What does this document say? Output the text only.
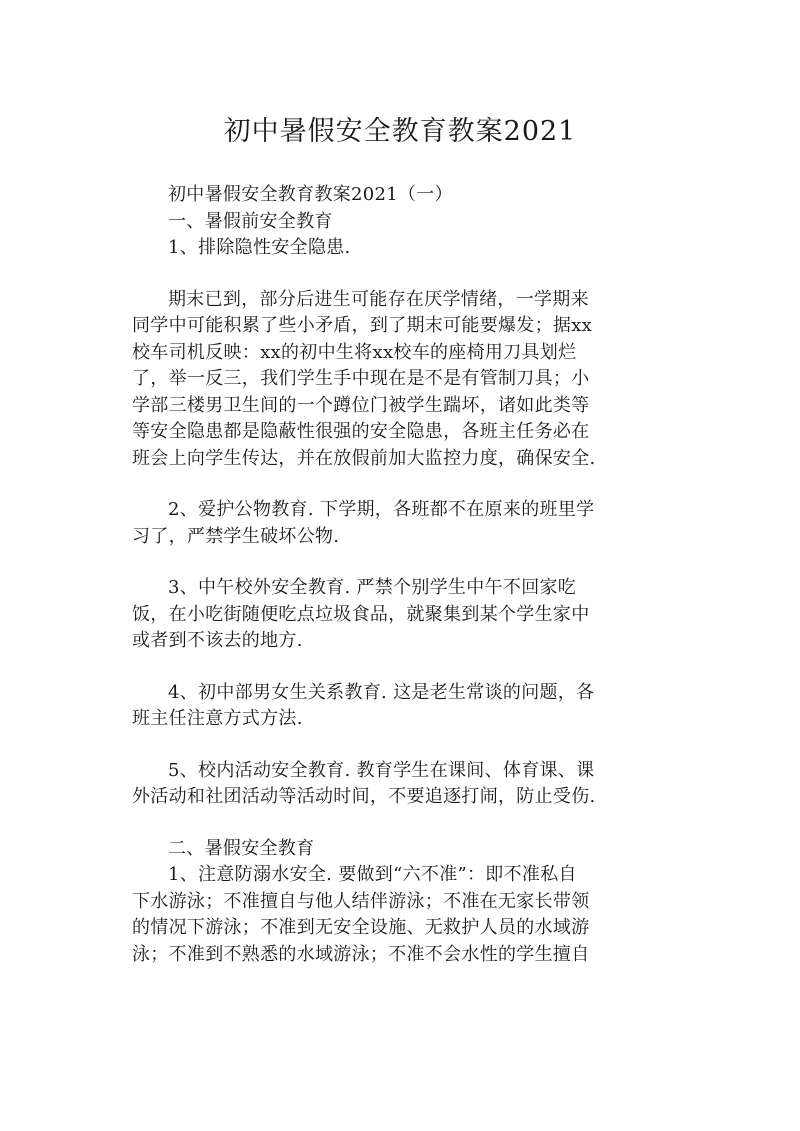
初中暑假安全教育教案2021
初中暑假安全教育教案2021（一）
一、暑假前安全教育
1、排除隐性安全隐患.
期末已到，部分后进生可能存在厌学情绪，一学期来
同学中可能积累了些小矛盾，到了期末可能要爆发；据xx
校车司机反映：xx的初中生将xx校车的座椅用刀具划烂
了，举一反三，我们学生手中现在是不是有管制刀具；小
学部三楼男卫生间的一个蹲位门被学生踹坏，诸如此类等
等安全隐患都是隐蔽性很强的安全隐患，各班主任务必在
班会上向学生传达，并在放假前加大监控力度，确保安全.
2、爱护公物教育. 下学期，各班都不在原来的班里学
习了，严禁学生破坏公物.
3、中午校外安全教育. 严禁个别学生中午不回家吃
饭，在小吃街随便吃点垃圾食品，就聚集到某个学生家中
或者到不该去的地方.
4、初中部男女生关系教育. 这是老生常谈的问题，各
班主任注意方式方法.
5、校内活动安全教育. 教育学生在课间、体育课、课
外活动和社团活动等活动时间，不要追逐打闹，防止受伤.
二、暑假安全教育
1、注意防溺水安全. 要做到“六不准”：即不准私自
下水游泳；不准擅自与他人结伴游泳；不准在无家长带领
的情况下游泳；不准到无安全设施、无救护人员的水域游
泳；不准到不熟悉的水域游泳；不准不会水性的学生擅自
